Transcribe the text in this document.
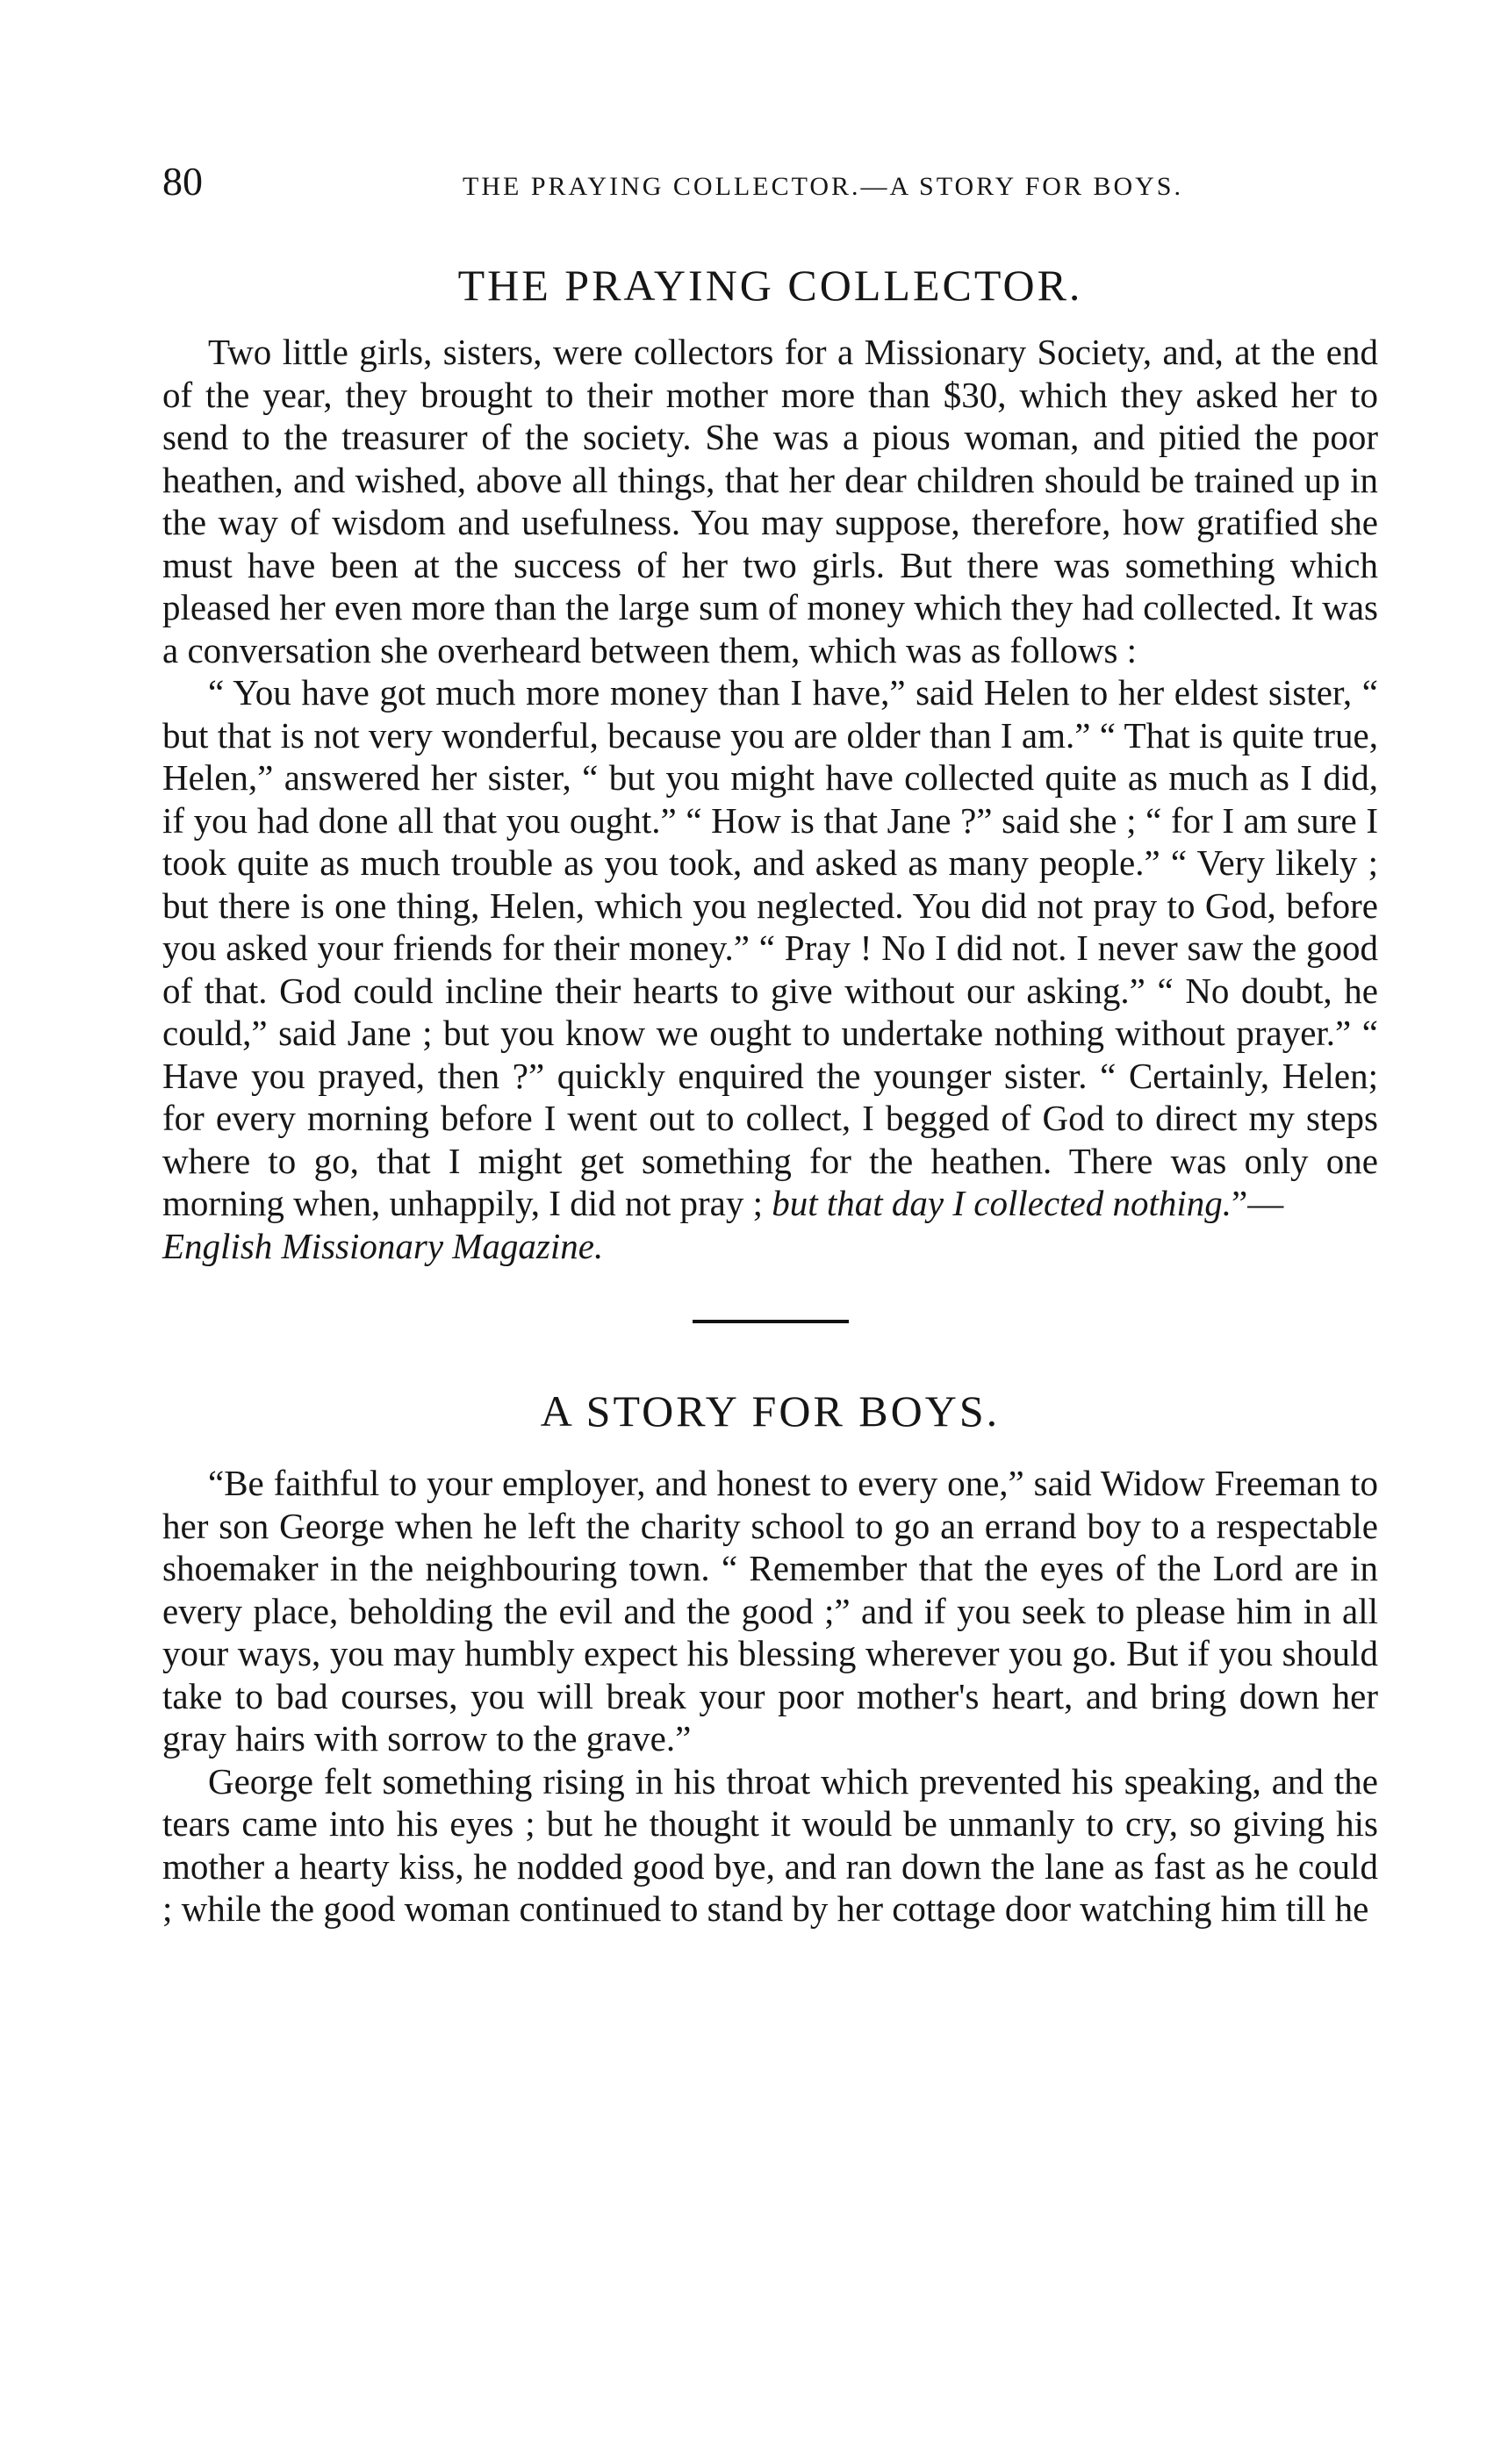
80	THE PRAYING COLLECTOR.—A STORY FOR BOYS.
THE PRAYING COLLECTOR.

Two little girls, sisters, were collectors for a Missionary Society, and, at the end of the year, they brought to their mother more than $30, which they asked her to send to the treasurer of the society. She was a pious woman, and pitied the poor heathen, and wished, above all things, that her dear children should be trained up in the way of wisdom and usefulness. You may suppose, therefore, how gratified she must have been at the success of her two girls. But there was something which pleased her even more than the large sum of money which they had collected. It was a conversation she overheard between them, which was as follows :

“ You have got much more money than I have,” said Helen to her eldest sister, “ but that is not very wonderful, because you are older than I am.” “ That is quite true, Helen,” answered her sister, “ but you might have collected quite as much as I did, if you had done all that you ought.” “ How is that Jane ?” said she ; “ for I am sure I took quite as much trouble as you took, and asked as many people.” “ Very likely ; but there is one thing, Helen, which you neglected. You did not pray to God, before you asked your friends for their money.” “ Pray ! No I did not. I never saw the good of that. God could incline their hearts to give without our asking.” “ No doubt, he could,” said Jane ; but you know we ought to undertake nothing without prayer.” “ Have you prayed, then ?” quickly enquired the younger sister. “ Certainly, Helen; for every morning before I went out to collect, I begged of God to direct my steps where to go, that I might get something for the heathen. There was only one morning when, unhappily, I did not pray ; but that day I collected nothing.”—
English Missionary Magazine.

A STORY FOR BOYS.

“Be faithful to your employer, and honest to every one,” said Widow Freeman to her son George when he left the charity school to go an errand boy to a respectable shoemaker in the neighbouring town. “ Remember that the eyes of the Lord are in every place, beholding the evil and the good ;” and if you seek to please him in all your ways, you may humbly expect his blessing wherever you go. But if you should take to bad courses, you will break your poor mother's heart, and bring down her gray hairs with sorrow to the grave.”

George felt something rising in his throat which prevented his speaking, and the tears came into his eyes ; but he thought it would be unmanly to cry, so giving his mother a hearty kiss, he nodded good bye, and ran down the lane as fast as he could ; while the good woman continued to stand by her cottage door watching him till he
